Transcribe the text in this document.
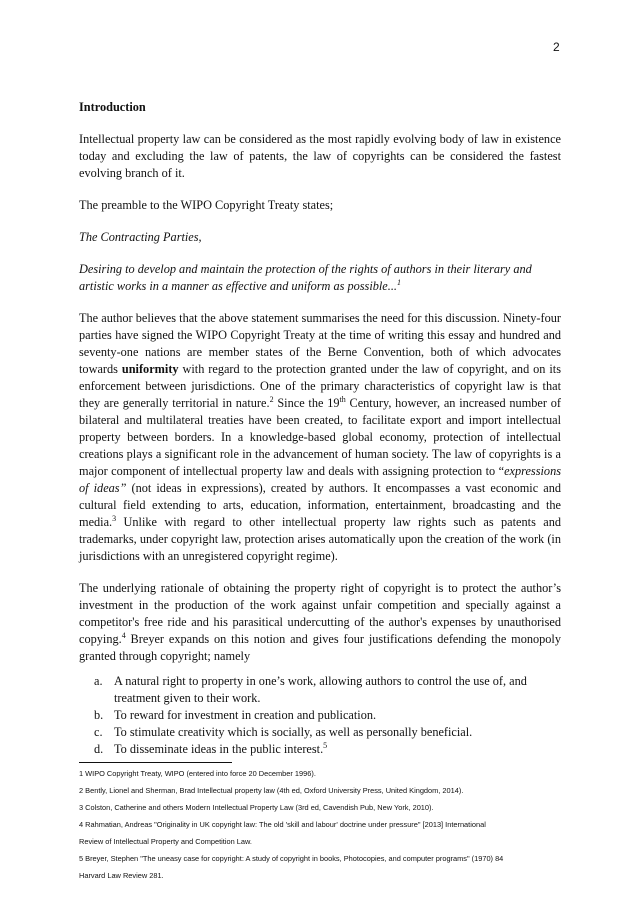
2
Introduction

Intellectual property law can be considered as the most rapidly evolving body of law in existence today and excluding the law of patents, the law of copyrights can be considered the fastest evolving branch of it.

The preamble to the WIPO Copyright Treaty states;

The Contracting Parties,

Desiring to develop and maintain the protection of the rights of authors in their literary and artistic works in a manner as effective and uniform as possible...$^1$

The author believes that the above statement summarises the need for this discussion. Ninety-four parties have signed the WIPO Copyright Treaty at the time of writing this essay and hundred and seventy-one nations are member states of the Berne Convention, both of which advocates towards uniformity with regard to the protection granted under the law of copyright, and on its enforcement between jurisdictions. One of the primary characteristics of copyright law is that they are generally territorial in nature.$^2$ Since the 19th Century, however, an increased number of bilateral and multilateral treaties have been created, to facilitate export and import intellectual property between borders. In a knowledge-based global economy, protection of intellectual creations plays a significant role in the advancement of human society. The law of copyrights is a major component of intellectual property law and deals with assigning protection to “expressions of ideas” (not ideas in expressions), created by authors. It encompasses a vast economic and cultural field extending to arts, education, information, entertainment, broadcasting and the media.$^3$ Unlike with regard to other intellectual property law rights such as patents and trademarks, under copyright law, protection arises automatically upon the creation of the work (in jurisdictions with an unregistered copyright regime).

The underlying rationale of obtaining the property right of copyright is to protect the author’s investment in the production of the work against unfair competition and specially against a competitor's free ride and his parasitical undercutting of the author's expenses by unauthorised copying.$^4$ Breyer expands on this notion and gives four justifications defending the monopoly granted through copyright; namely

a. A natural right to property in one’s work, allowing authors to control the use of, and treatment given to their work.
b. To reward for investment in creation and publication.
c. To stimulate creativity which is socially, as well as personally beneficial.
d. To disseminate ideas in the public interest.$^5$
1 WIPO Copyright Treaty, WIPO (entered into force 20 December 1996).
2 Bently, Lionel and Sherman, Brad Intellectual property law (4th ed, Oxford University Press, United Kingdom, 2014).
3 Colston, Catherine and others Modern Intellectual Property Law (3rd ed, Cavendish Pub, New York, 2010).
4 Rahmatian, Andreas "Originality in UK copyright law: The old 'skill and labour' doctrine under pressure" [2013] International
Review of Intellectual Property and Competition Law.
5 Breyer, Stephen "The uneasy case for copyright: A study of copyright in books, Photocopies, and computer programs" (1970) 84
Harvard Law Review 281.
